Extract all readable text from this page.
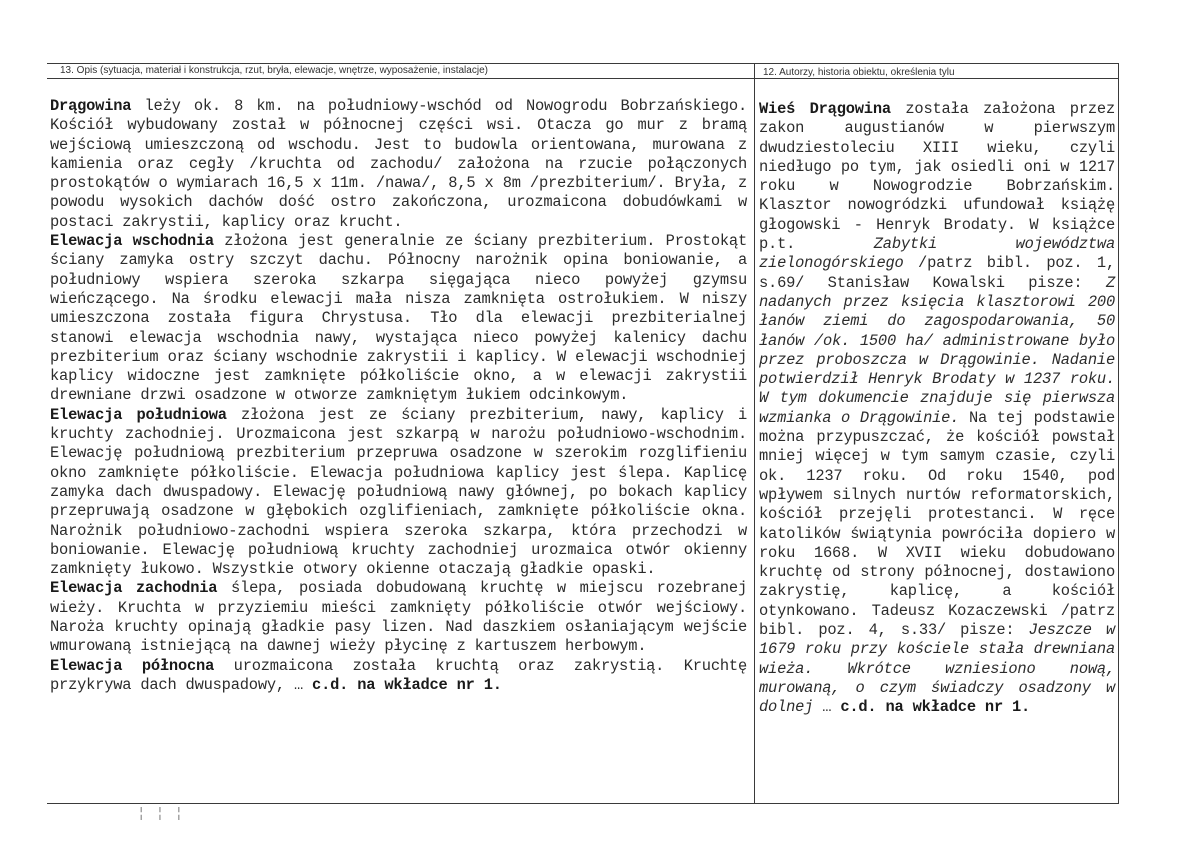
13. Opis (sytuacja, materiał i konstrukcja, rzut, bryła, elewacje, wnętrze, wyposażenie, instalacje)	12. Autorzy, historia obiektu, określenia tylu

Drągowina leży ok. 8 km. na południowy-wschód od Nowogrodu Bobrzańskiego. Kościół wybudowany został w północnej części wsi. Otacza go mur z bramą wejściową umieszczoną od wschodu. Jest to budowla orientowana, murowana z kamienia oraz cegły /kruchta od zachodu/ założona na rzucie połączonych prostokątów o wymiarach 16,5 x 11m. /nawa/, 8,5 x 8m /prezbiterium/. Bryła, z powodu wysokich dachów dość ostro zakończona, urozmaicona dobudówkami w postaci zakrystii, kaplicy oraz krucht.

Elewacja wschodnia złożona jest generalnie ze ściany prezbiterium. Prostokąt ściany zamyka ostry szczyt dachu. Północny narożnik opina boniowanie, a południowy wspiera szeroka szkarpa sięgająca nieco powyżej gzymsu wieńczącego. Na środku elewacji mała nisza zamknięta ostrołukiem. W niszy umieszczona została figura Chrystusa. Tło dla elewacji prezbiterialnej stanowi elewacja wschodnia nawy, wystająca nieco powyżej kalenicy dachu prezbiterium oraz ściany wschodnie zakrystii i kaplicy. W elewacji wschodniej kaplicy widoczne jest zamknięte półkoliście okno, a w elewacji zakrystii drewniane drzwi osadzone w otworze zamkniętym łukiem odcinkowym.

Elewacja południowa złożona jest ze ściany prezbiterium, nawy, kaplicy i kruchty zachodniej. Urozmaicona jest szkarpą w narożu południowo-wschodnim. Elewację południową prezbiterium przepruwa osadzone w szerokim rozglifieniu okno zamknięte półkoliście. Elewacja południowa kaplicy jest ślepa. Kaplicę zamyka dach dwuspadowy. Elewację południową nawy głównej, po bokach kaplicy przepruwają osadzone w głębokich ozglifieniach, zamknięte półkoliście okna. Narożnik południowo-zachodni wspiera szeroka szkarpa, która przechodzi w boniowanie. Elewację południową kruchty zachodniej urozmaica otwór okienny zamknięty łukowo. Wszystkie otwory okienne otaczają gładkie opaski.

Elewacja zachodnia ślepa, posiada dobudowaną kruchtę w miejscu rozebranej wieży. Kruchta w przyziemiu mieści zamknięty półkoliście otwór wejściowy. Naroża kruchty opinają gładkie pasy lizen. Nad daszkiem osłaniającym wejście wmurowaną istniejącą na dawnej wieży płycinę z kartuszem herbowym.

Elewacja północna urozmaicona została kruchtą oraz zakrystią. Kruchtę przykrywa dach dwuspadowy, … c.d. na wkładce nr 1.

Wieś Drągowina została założona przez zakon augustianów w pierwszym dwudziestoleciu XIII wieku, czyli niedługo po tym, jak osiedli oni w 1217 roku w Nowogrodzie Bobrzańskim. Klasztor nowogródzki ufundował książę głogowski - Henryk Brodaty. W książce p.t. Zabytki województwa zielonogórskiego /patrz bibl. poz. 1, s.69/ Stanisław Kowalski pisze: Z nadanych przez księcia klasztorowi 200 łanów ziemi do zagospodarowania, 50 łanów /ok. 1500 ha/ administrowane było przez proboszcza w Drągowinie. Nadanie potwierdził Henryk Brodaty w 1237 roku. W tym dokumencie znajduje się pierwsza wzmianka o Drągowinie. Na tej podstawie można przypuszczać, że kościół powstał mniej więcej w tym samym czasie, czyli ok. 1237 roku. Od roku 1540, pod wpływem silnych nurtów reformatorskich, kościół przejęli protestanci. W ręce katolików świątynia powróciła dopiero w roku 1668. W XVII wieku dobudowano kruchtę od strony północnej, dostawiono zakrystię, kaplicę, a kościół otynkowano. Tadeusz Kozaczewski /patrz bibl. poz. 4, s.33/ pisze: Jeszcze w 1679 roku przy kościele stała drewniana wieża. Wkrótce wzniesiono nową, murowaną, o czym świadczy osadzony w dolnej … c.d. na wkładce nr 1.

¦ ¦ ¦
